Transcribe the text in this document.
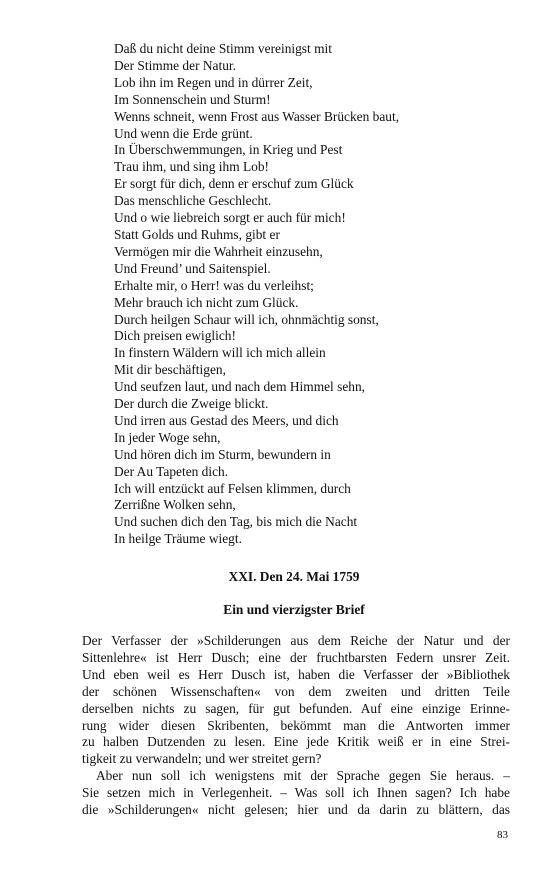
Daß du nicht deine Stimm vereinigst mit
Der Stimme der Natur.
Lob ihn im Regen und in dürrer Zeit,
Im Sonnenschein und Sturm!
Wenns schneit, wenn Frost aus Wasser Brücken baut,
Und wenn die Erde grünt.
In Überschwemmungen, in Krieg und Pest
Trau ihm, und sing ihm Lob!
Er sorgt für dich, denn er erschuf zum Glück
Das menschliche Geschlecht.
Und o wie liebreich sorgt er auch für mich!
Statt Golds und Ruhms, gibt er
Vermögen mir die Wahrheit einzusehn,
Und Freund’ und Saitenspiel.
Erhalte mir, o Herr! was du verleihst;
Mehr brauch ich nicht zum Glück.
Durch heilgen Schaur will ich, ohnmächtig sonst,
Dich preisen ewiglich!
In finstern Wäldern will ich mich allein
Mit dir beschäftigen,
Und seufzen laut, und nach dem Himmel sehn,
Der durch die Zweige blickt.
Und irren aus Gestad des Meers, und dich
In jeder Woge sehn,
Und hören dich im Sturm, bewundern in
Der Au Tapeten dich.
Ich will entzückt auf Felsen klimmen, durch
Zerrißne Wolken sehn,
Und suchen dich den Tag, bis mich die Nacht
In heilge Träume wiegt.
XXI. Den 24. Mai 1759
Ein und vierzigster Brief
Der Verfasser der »Schilderungen aus dem Reiche der Natur und der
Sittenlehre« ist Herr Dusch; eine der fruchtbarsten Federn unsrer Zeit.
Und eben weil es Herr Dusch ist, haben die Verfasser der »Bibliothek
der schönen Wissenschaften« von dem zweiten und dritten Teile
derselben nichts zu sagen, für gut befunden. Auf eine einzige Erinne-
rung wider diesen Skribenten, bekömmt man die Antworten immer
zu halben Dutzenden zu lesen. Eine jede Kritik weiß er in eine Strei-
tigkeit zu verwandeln; und wer streitet gern?
Aber nun soll ich wenigstens mit der Sprache gegen Sie heraus. –
Sie setzen mich in Verlegenheit. – Was soll ich Ihnen sagen? Ich habe
die »Schilderungen« nicht gelesen; hier und da darin zu blättern, das
83
